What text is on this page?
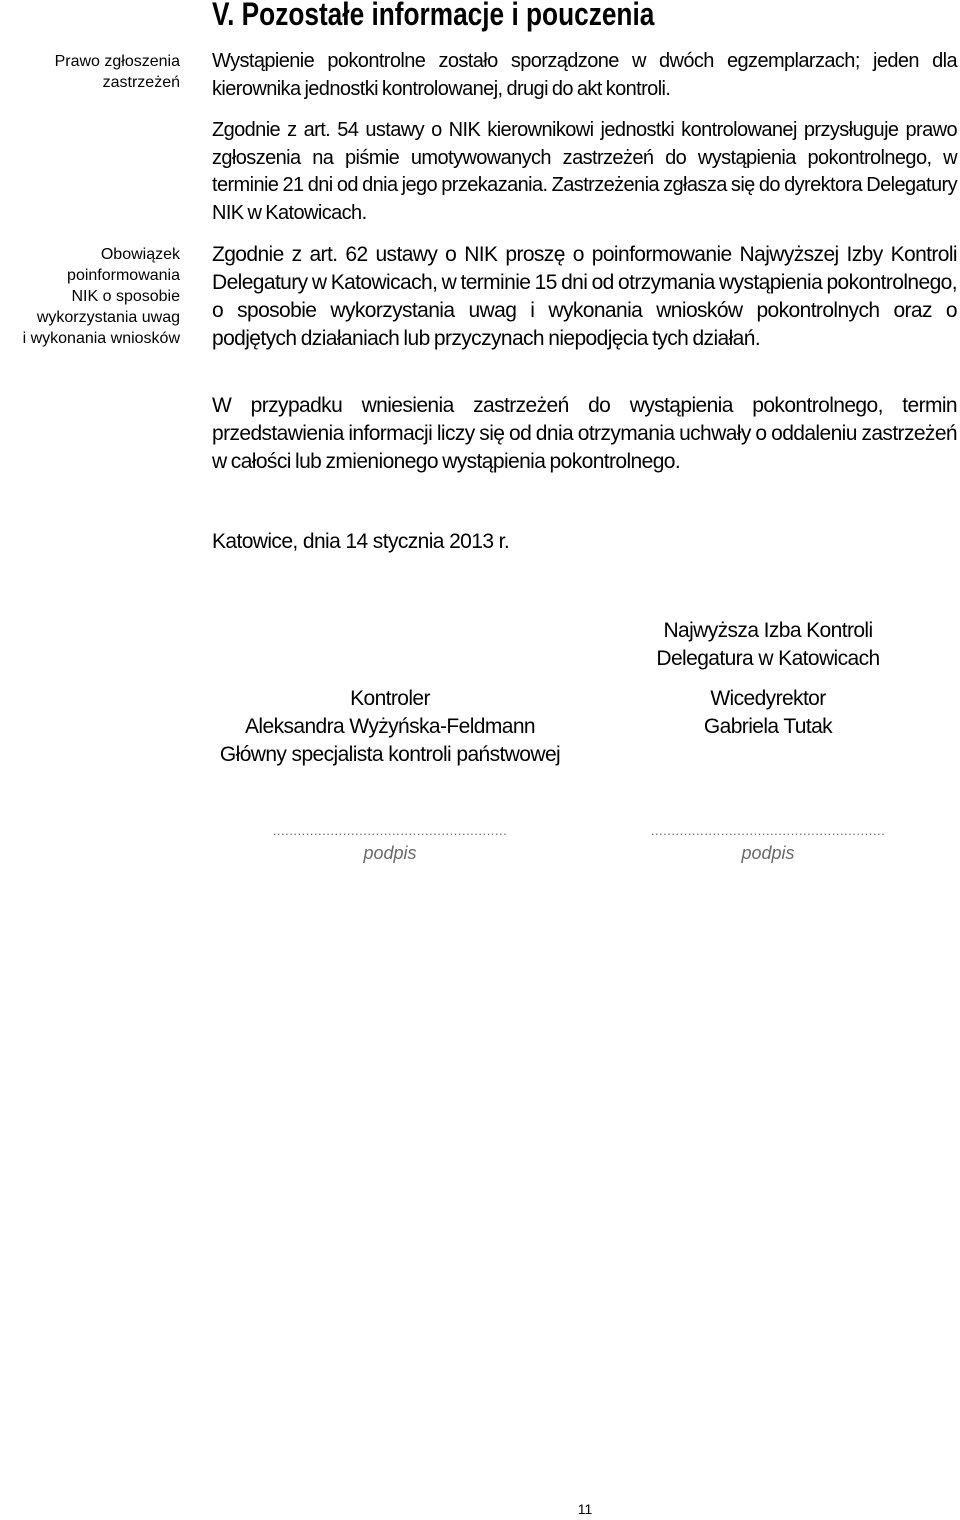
Prawo zgłoszenia
zastrzeżeń
Obowiązek
poinformowania
NIK o sposobie
wykorzystania uwag
i wykonania wniosków
V. Pozostałe informacje i pouczenia

Wystąpienie pokontrolne zostało sporządzone w dwóch egzemplarzach; jeden dla kierownika jednostki kontrolowanej, drugi do akt kontroli.

Zgodnie z art. 54 ustawy o NIK kierownikowi jednostki kontrolowanej przysługuje prawo zgłoszenia na piśmie umotywowanych zastrzeżeń do wystąpienia pokontrolnego, w terminie 21 dni od dnia jego przekazania. Zastrzeżenia zgłasza się do dyrektora Delegatury NIK w Katowicach.

Zgodnie z art. 62 ustawy o NIK proszę o poinformowanie Najwyższej Izby Kontroli Delegatury w Katowicach, w terminie 15 dni od otrzymania wystąpienia pokontrolnego, o sposobie wykorzystania uwag i wykonania wniosków pokontrolnych oraz o podjętych działaniach lub przyczynach niepodjęcia tych działań.

W przypadku wniesienia zastrzeżeń do wystąpienia pokontrolnego, termin przedstawienia informacji liczy się od dnia otrzymania uchwały o oddaleniu zastrzeżeń w całości lub zmienionego wystąpienia pokontrolnego.

Katowice, dnia 14 stycznia 2013 r.

Najwyższa Izba Kontroli
Delegatura w Katowicach
Kontroler
Aleksandra Wyżyńska-Feldmann
Główny specjalista kontroli państwowej
Wicedyrektor
Gabriela Tutak
.........................................................
podpis
.........................................................
podpis
11
